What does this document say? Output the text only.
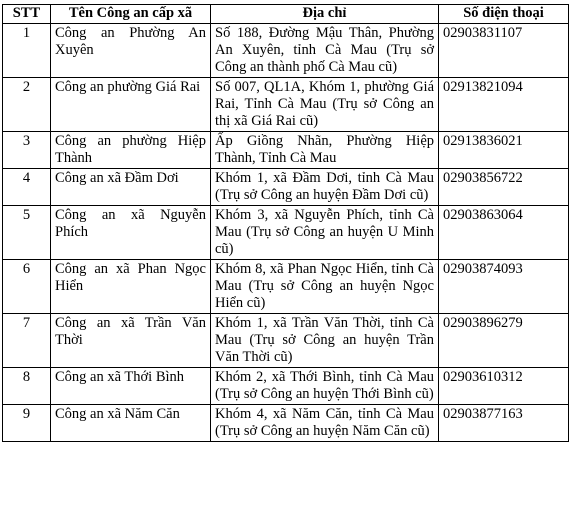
STT	Tên Công an cấp xã	Địa chỉ	Số điện thoại
1	Công an Phường An Xuyên	Số 188, Đường Mậu Thân, Phường An Xuyên, tỉnh Cà Mau (Trụ sở Công an thành phố Cà Mau cũ)	02903831107
2	Công an phường Giá Rai	Số 007, QL1A, Khóm 1, phường Giá Rai, Tỉnh Cà Mau (Trụ sở Công an thị xã Giá Rai cũ)	02913821094
3	Công an phường Hiệp Thành	Ấp Giồng Nhãn, Phường Hiệp Thành, Tỉnh Cà Mau	02913836021
4	Công an xã Đầm Dơi	Khóm 1, xã Đầm Dơi, tỉnh Cà Mau (Trụ sở Công an huyện Đầm Dơi cũ)	02903856722
5	Công an xã Nguyễn Phích	Khóm 3, xã Nguyễn Phích, tỉnh Cà Mau (Trụ sở Công an huyện U Minh cũ)	02903863064
6	Công an xã Phan Ngọc Hiển	Khóm 8, xã Phan Ngọc Hiển, tỉnh Cà Mau (Trụ sở Công an huyện Ngọc Hiển cũ)	02903874093
7	Công an xã Trần Văn Thời	Khóm 1, xã Trần Văn Thời, tỉnh Cà Mau (Trụ sở Công an huyện Trần Văn Thời cũ)	02903896279
8	Công an xã Thới Bình	Khóm 2, xã Thới Bình, tỉnh Cà Mau (Trụ sở Công an huyện Thới Bình cũ)	02903610312
9	Công an xã Năm Căn	Khóm 4, xã Năm Căn, tỉnh Cà Mau (Trụ sở Công an huyện Năm Căn cũ)	02903877163
